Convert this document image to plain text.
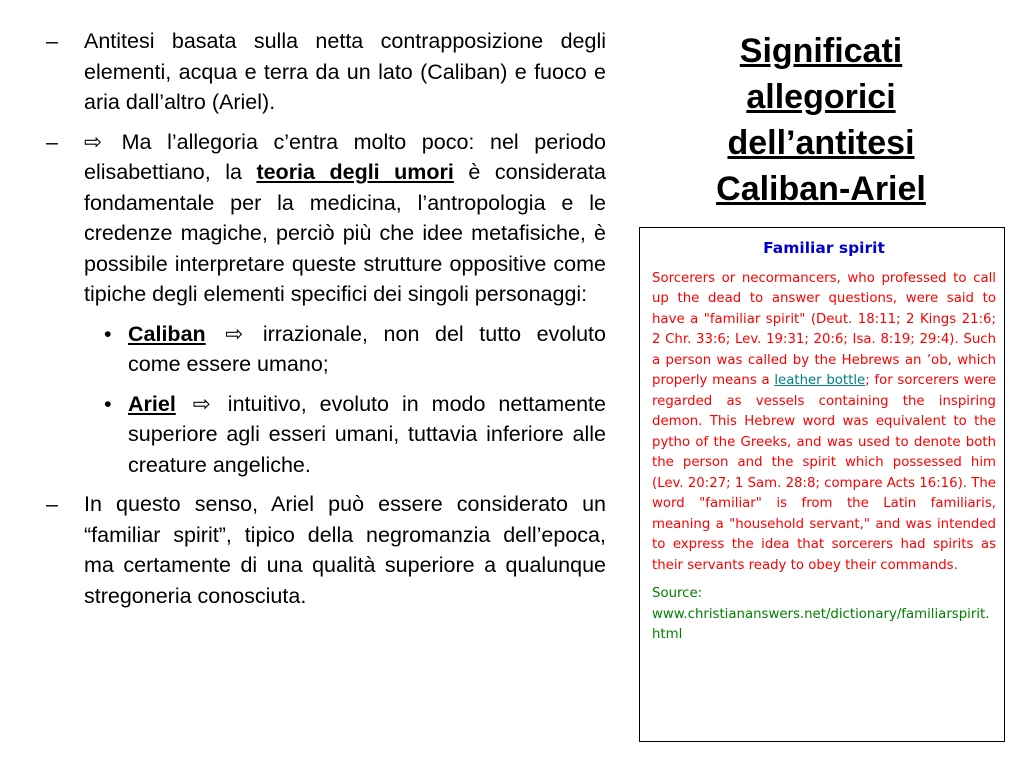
– Antitesi basata sulla netta contrapposizione degli elementi, acqua e terra da un lato (Caliban) e fuoco e aria dall’altro (Ariel).

– ⇨ Ma l’allegoria c’entra molto poco: nel periodo elisabettiano, la teoria degli umori è considerata fondamentale per la medicina, l’antropologia e le credenze magiche, perciò più che idee metafisiche, è possibile interpretare queste strutture oppositive come tipiche degli elementi specifici dei singoli personaggi:

• Caliban ⇨ irrazionale, non del tutto evoluto come essere umano;
• Ariel ⇨ intuitivo, evoluto in modo nettamente superiore agli esseri umani, tuttavia inferiore alle creature angeliche.

– In questo senso, Ariel può essere considerato un “familiar spirit”, tipico della negromanzia dell’epoca, ma certamente di una qualità superiore a qualunque stregoneria conosciuta.

Significati
allegorici
dell’antitesi
Caliban-Ariel
Familiar spirit

Sorcerers or necormancers, who professed to call up the dead to answer questions, were said to have a "familiar spirit" (Deut. 18:11; 2 Kings 21:6; 2 Chr. 33:6; Lev. 19:31; 20:6; Isa. 8:19; 29:4). Such a person was called by the Hebrews an ’ob, which properly means a leather bottle; for sorcerers were regarded as vessels containing the inspiring demon. This Hebrew word was equivalent to the pytho of the Greeks, and was used to denote both the person and the spirit which possessed him (Lev. 20:27; 1 Sam. 28:8; compare Acts 16:16). The word "familiar" is from the Latin familiaris, meaning a "household servant," and was intended to express the idea that sorcerers had spirits as their servants ready to obey their commands.

Source:
www.christiananswers.net/dictionary/familiarspirit.html
